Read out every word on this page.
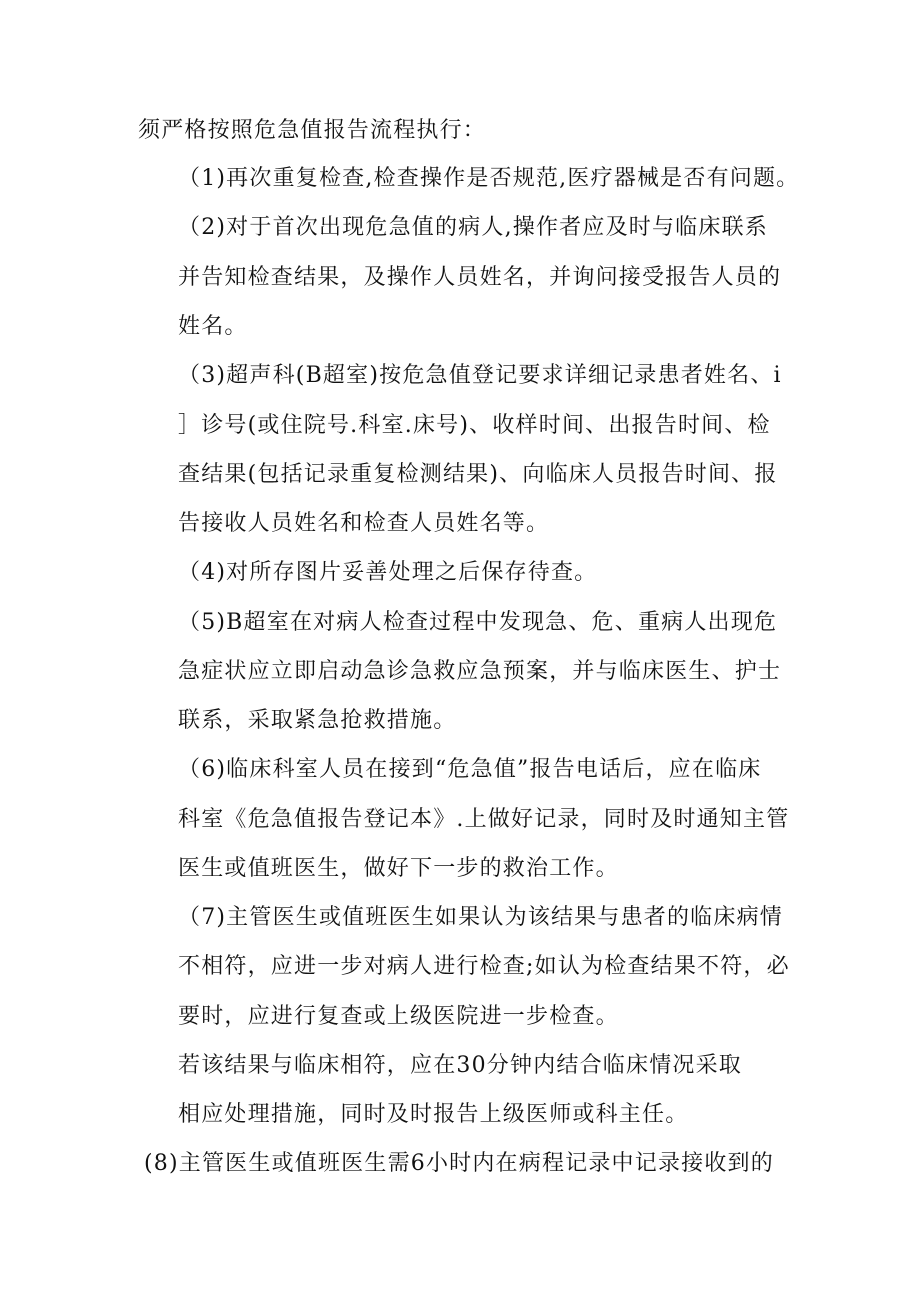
须严格按照危急值报告流程执行：
（1)再次重复检查,检查操作是否规范,医疗器械是否有问题。
（2)对于首次出现危急值的病人,操作者应及时与临床联系
并告知检查结果，及操作人员姓名，并询问接受报告人员的
姓名。
（3)超声科(B超室)按危急值登记要求详细记录患者姓名、i
］诊号(或住院号.科室.床号)、收样时间、出报告时间、检
查结果(包括记录重复检测结果)、向临床人员报告时间、报
告接收人员姓名和检查人员姓名等。
（4)对所存图片妥善处理之后保存待查。
（5)B超室在对病人检查过程中发现急、危、重病人出现危
急症状应立即启动急诊急救应急预案，并与临床医生、护士
联系，采取紧急抢救措施。
（6)临床科室人员在接到“危急值”报告电话后，应在临床
科室《危急值报告登记本》.上做好记录，同时及时通知主管
医生或值班医生，做好下一步的救治工作。
（7)主管医生或值班医生如果认为该结果与患者的临床病情
不相符，应进一步对病人进行检查;如认为检查结果不符，必
要时，应进行复查或上级医院进一步检查。
若该结果与临床相符，应在30分钟内结合临床情况采取
相应处理措施，同时及时报告上级医师或科主任。
(8)主管医生或值班医生需6小时内在病程记录中记录接收到的
